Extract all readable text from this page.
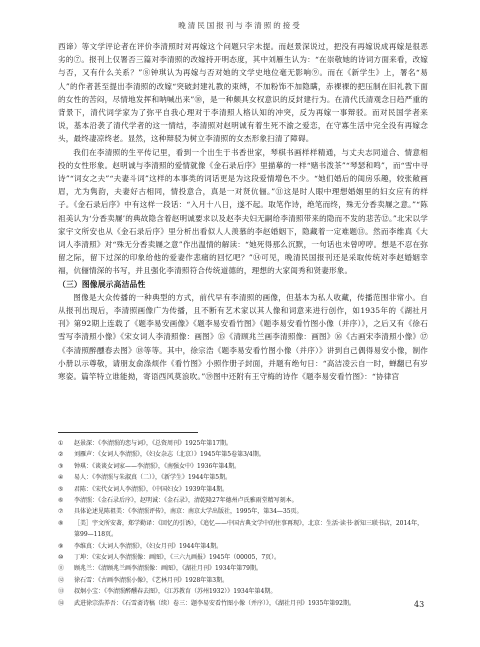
晚清民国报刊与李清照的接受

西谛）等文学评论者在评价李清照时对再嫁这个问题只字未提。而赵景深说过，把没有再嫁说成再嫁是很恶劣的⑦。报刊上仅署否三篇对李清照的改嫁持开明态度，其中刘雁生认为：“在崇敬她的诗词方面来看，改嫁与否，又有什么关系？”⑧钟琪认为再嫁与否对她的文学史地位毫无影响⑨。而在《新学生》上，署名“易人”的作者甚至提出李清照的改嫁“突破封建礼教的束缚，不加粉饰不加隐瞒，赤裸裸的把压制在旧礼教下面的女性的苦闷，尽情地发挥和呐喊出来”⑩，是一种颇具女权意识的反封建行为。在清代氏清观念日趋严重的背景下，清代词学家为了弥平自我心理对于李清照人格认知的冲突，反为再嫁一事辩驳。而对民国学者来说，基本沿袭了清代学者的这一情结，李清照对赵明诚有着生死不渝之爱恋，在守寡生活中完全没有再嫁念头，最终凄凉终老。显然，这种辩驳为树立李清照的女杰形象扫清了障碍。

我们在李清照的生平传记里，看到一个出生于书香世家，琴棋书画样样精通，与丈夫志同道合、情意相投的女性形象。赵明诚与李清照的爱情就像《金石录后序》里描摹的一样“赌书泼茶”“琴瑟和鸣”，而“雪中寻诗”“词女之夫”“夫妻斗词”这样的本事类的词话更是为这段爱情增色不少。“她们婚后的闺房乐趣，较张敞画眉，尤为隽韵，夫妻好古相同，情投意合，真是一对贤伉俪。”⑪这是时人眼中理想婚姻里的妇女应有的样子。《金石录后序》中有这样一段话：“入月十八日，遂不起。取笔作诗，绝笔而终，殊无分香卖屦之意。”“陈祖美认为‘分香卖屦’的典故隐含着赵明诚要求以及赵李夫妇无嗣给李清照带来的隐而不发的悲苦⑫。”北宋以学家宇文所安也从《金石录后序》里分析出看似人人羡慕的李赵婚姻下，隐藏着一定难题⑬。然而李维真《大词人李清照》对“殊无分香卖屦之意”作出温情的解读：“她死得那么沉默，一句话也未曾哼哼。想是不忍在弥留之际，留下过深的印象给他的爱妻作悲痛的回忆吧？”⑭可见，晚清民国报刊还是采取传统对李赵婚姻幸福，伉俪情深的书写，并且强化李清照符合传统道德的，理想的大家闺秀和贤妻形象。

（三）图像展示高洁品性

图像是大众传播的一种典型的方式，前代早有李清照的画像，但基本为私人收藏，传播范围非常小。自从报刊出现后，李清照画像广为传播，且不断有艺术家以其人像和词意来进行创作，如1935年的《湖社月刊》第92期上连载了《题李易安画像》《题李易安看竹图》《题李易安看竹图小像（并序）》，之后又有《徐石雪写李清照小像》《宋女词人李清照像：画图》⑮《清顾兆兰画李清照像：画图》⑯《古画宋李清照小像》⑰《李清照醉醺春去图》⑱等等。其中，徐宗浩《题李易安看竹图小像（并序）》讲到自己偶得易安小像，制作小册以示尊敬，请朋友俞涤烦作《看竹图》小照作册子封面，并题有绝句日：“高洁凌云自一时，蝉翻已有岁寒姿。篇竿特立谁能拗，寄语西风莫浪吹。”⑲图中还附有王守梅的诗作《题李易安看竹图》：“协律宫

①	赵景深：《李清照的恋与词》，《总资周刊》1925年第17期。
②	刘雁声：《女词人李清照》，《妇女杂志（北京）》1945年第5卷第3/4期。
③	钟琪：《谈谈女词家——李清照》，《南强女中》1936年第4期。
④	易人：《李清照与朱淑真（二）》，《新学生》1944年第5期。
⑤	君陈：《宋代女词人李清照》，《中国妇女》1939年第4期。
⑥	李清照：《金石录后序》，赵明诚：《金石录》，清乾隆27年德州卢氏雅雨堂精写刻本。
⑦	具体论述见陈祖美：《李清照评传》，南京：南京大学出版社，1995年，第34—35页。
⑧	［美］宇文所安著，郑学勤译：《回忆的引诱》，《追忆——中国古典文学中的往事再现》，北京：生活·读书·新知三联书店，2014年，第99—118页。
⑨	李维真：《大词人李清照》，《妇女月刊》1944年第4期。
⑩	丁坤：《宋女词人李清照像：画图》，《三六九画报》1945年（00005，7页）。
⑪	顾兆兰：《清顾兆兰画李清照像：画图》，《湖社月刊》1934年第79期。
⑫	徐石雪：《古画李清照小像》，《艺林月刊》1928年第3期。
⑬	叔炯小宝：《李清照醉醺春去图》，《江苏教育（苏州1932）》1934年第4期。
⑭	武进徐宗浩养吾：《石雪斋诗稿（续）卷三：题李易安看竹图小像（并序）》，《湖社月刊》1935年第92期。	43
